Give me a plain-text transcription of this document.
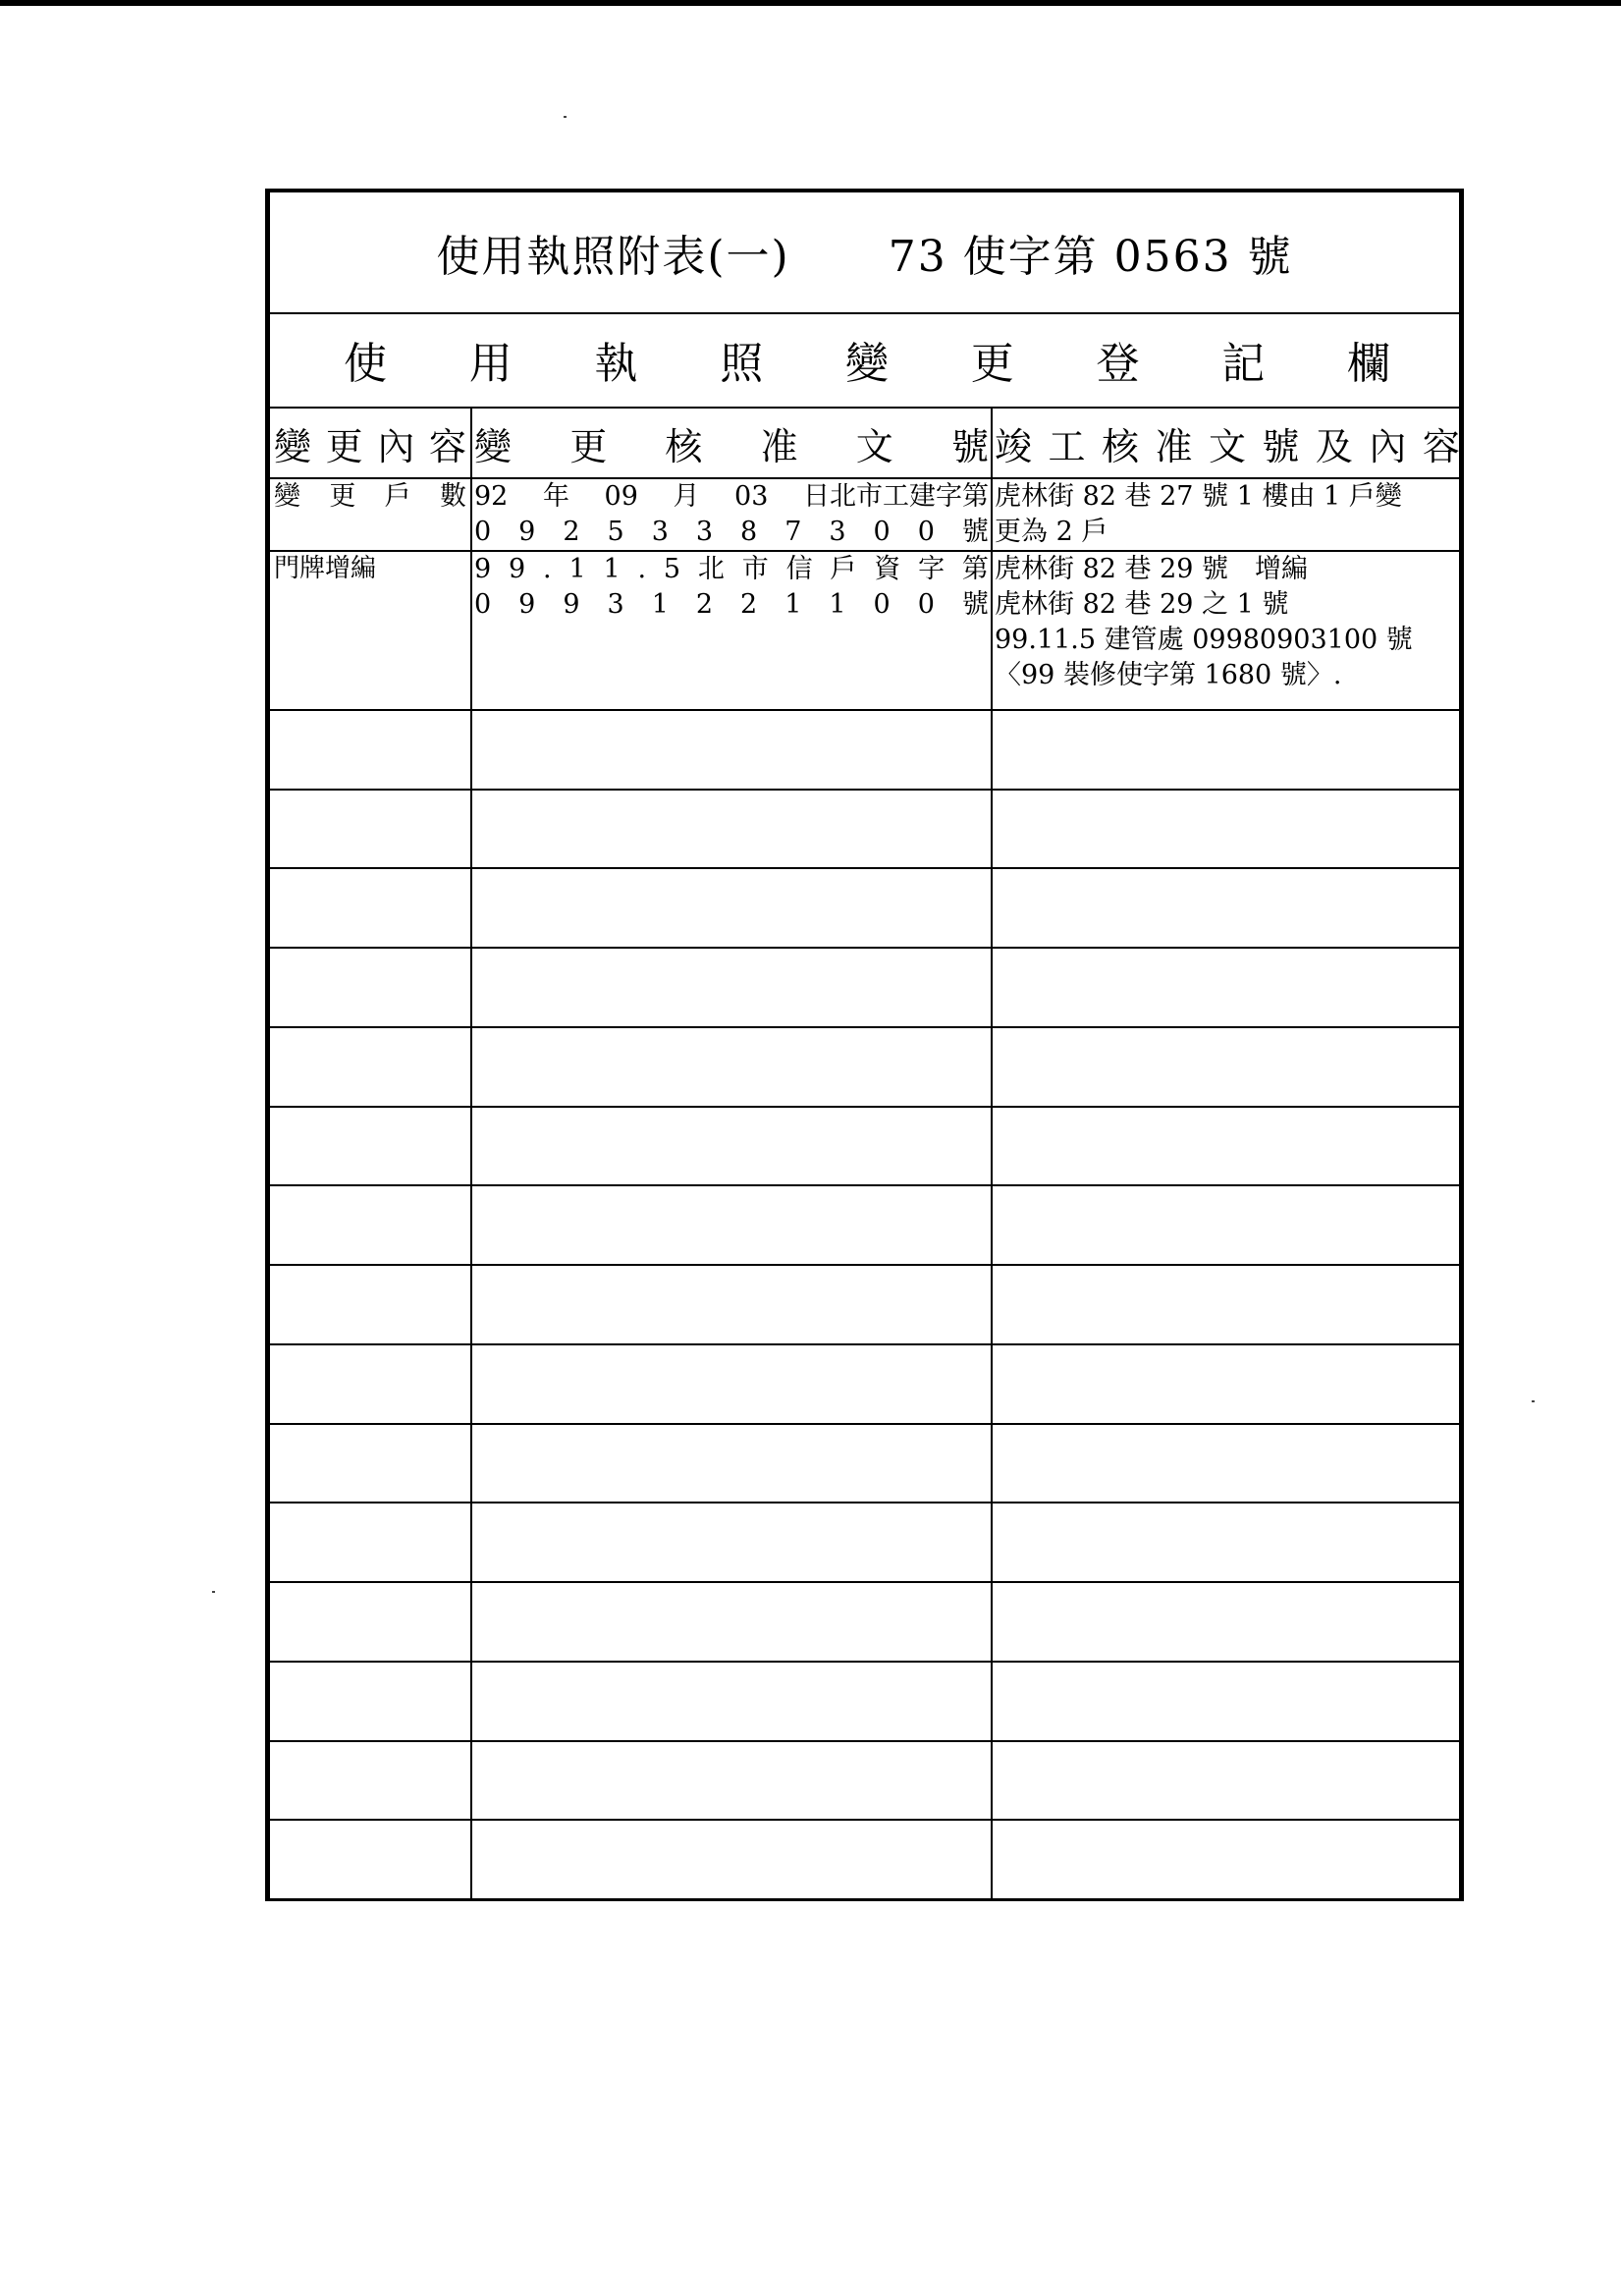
使用執照附表(一) 73 使字第 0563 號
使 用 執 照 變 更 登 記 欄
變 更 內 容 變 更 核 准 文 號 竣 工 核 准 文 號 及 內 容
變 更 戶 數 92 年 09 月 03 日北市工建字第
0 9 2 5 3 3 8 7 3 0 0 號
虎林街 82 巷 27 號 1 樓由 1 戶變
更為 2 戶
門牌增編	9 9 . 1 1 . 5 北 市 信 戶 資 字 第
0 9 9 3 1 2 2 1 1 0 0 號
虎林街 82 巷 29 號　增編
虎林街 82 巷 29 之 1 號
99.11.5 建管處 09980903100 號
〈99 裝修使字第 1680 號〉.
